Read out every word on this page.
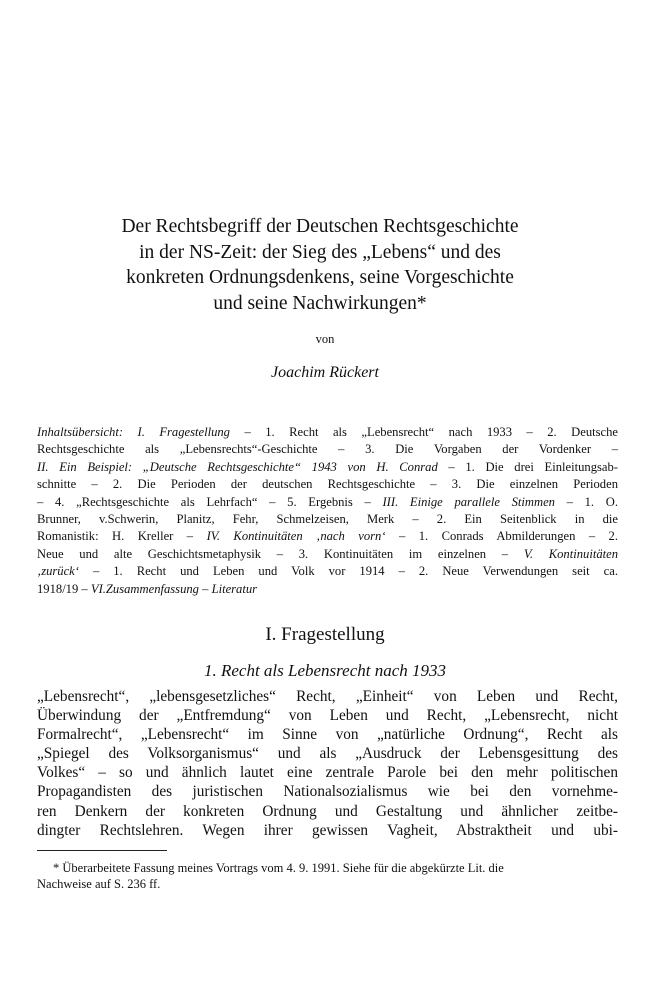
Der Rechtsbegriff der Deutschen Rechtsgeschichte
in der NS-Zeit: der Sieg des „Lebens“ und des
konkreten Ordnungsdenkens, seine Vorgeschichte
und seine Nachwirkungen*
von
Joachim Rückert
Inhaltsübersicht: I. Fragestellung – 1. Recht als „Lebensrecht“ nach 1933 – 2. Deutsche
Rechtsgeschichte als „Lebensrechts“-Geschichte – 3. Die Vorgaben der Vordenker –
II. Ein Beispiel: „Deutsche Rechtsgeschichte“ 1943 von H. Conrad – 1. Die drei Einleitungsab-
schnitte – 2. Die Perioden der deutschen Rechtsgeschichte – 3. Die einzelnen Perioden
– 4. „Rechtsgeschichte als Lehrfach“ – 5. Ergebnis – III. Einige parallele Stimmen – 1. O.
Brunner, v.Schwerin, Planitz, Fehr, Schmelzeisen, Merk – 2. Ein Seitenblick in die
Romanistik: H. Kreller – IV. Kontinuitäten ‚nach vorn‘ – 1. Conrads Abmilderungen – 2.
Neue und alte Geschichtsmetaphysik – 3. Kontinuitäten im einzelnen – V. Kontinuitäten
‚zurück‘ – 1. Recht und Leben und Volk vor 1914 – 2. Neue Verwendungen seit ca.
1918/19 – VI.Zusammenfassung – Literatur
I. Fragestellung
1. Recht als Lebensrecht nach 1933
„Lebensrecht“, „lebensgesetzliches“ Recht, „Einheit“ von Leben und Recht,
Überwindung der „Entfremdung“ von Leben und Recht, „Lebensrecht, nicht
Formalrecht“, „Lebensrecht“ im Sinne von „natürliche Ordnung“, Recht als
„Spiegel des Volksorganismus“ und als „Ausdruck der Lebensgesittung des
Volkes“ – so und ähnlich lautet eine zentrale Parole bei den mehr politischen
Propagandisten des juristischen Nationalsozialismus wie bei den vornehme-
ren Denkern der konkreten Ordnung und Gestaltung und ähnlicher zeitbe-
dingter Rechtslehren. Wegen ihrer gewissen Vagheit, Abstraktheit und ubi-
* Überarbeitete Fassung meines Vortrags vom 4. 9. 1991. Siehe für die abgekürzte Lit. die
Nachweise auf S. 236 ff.
